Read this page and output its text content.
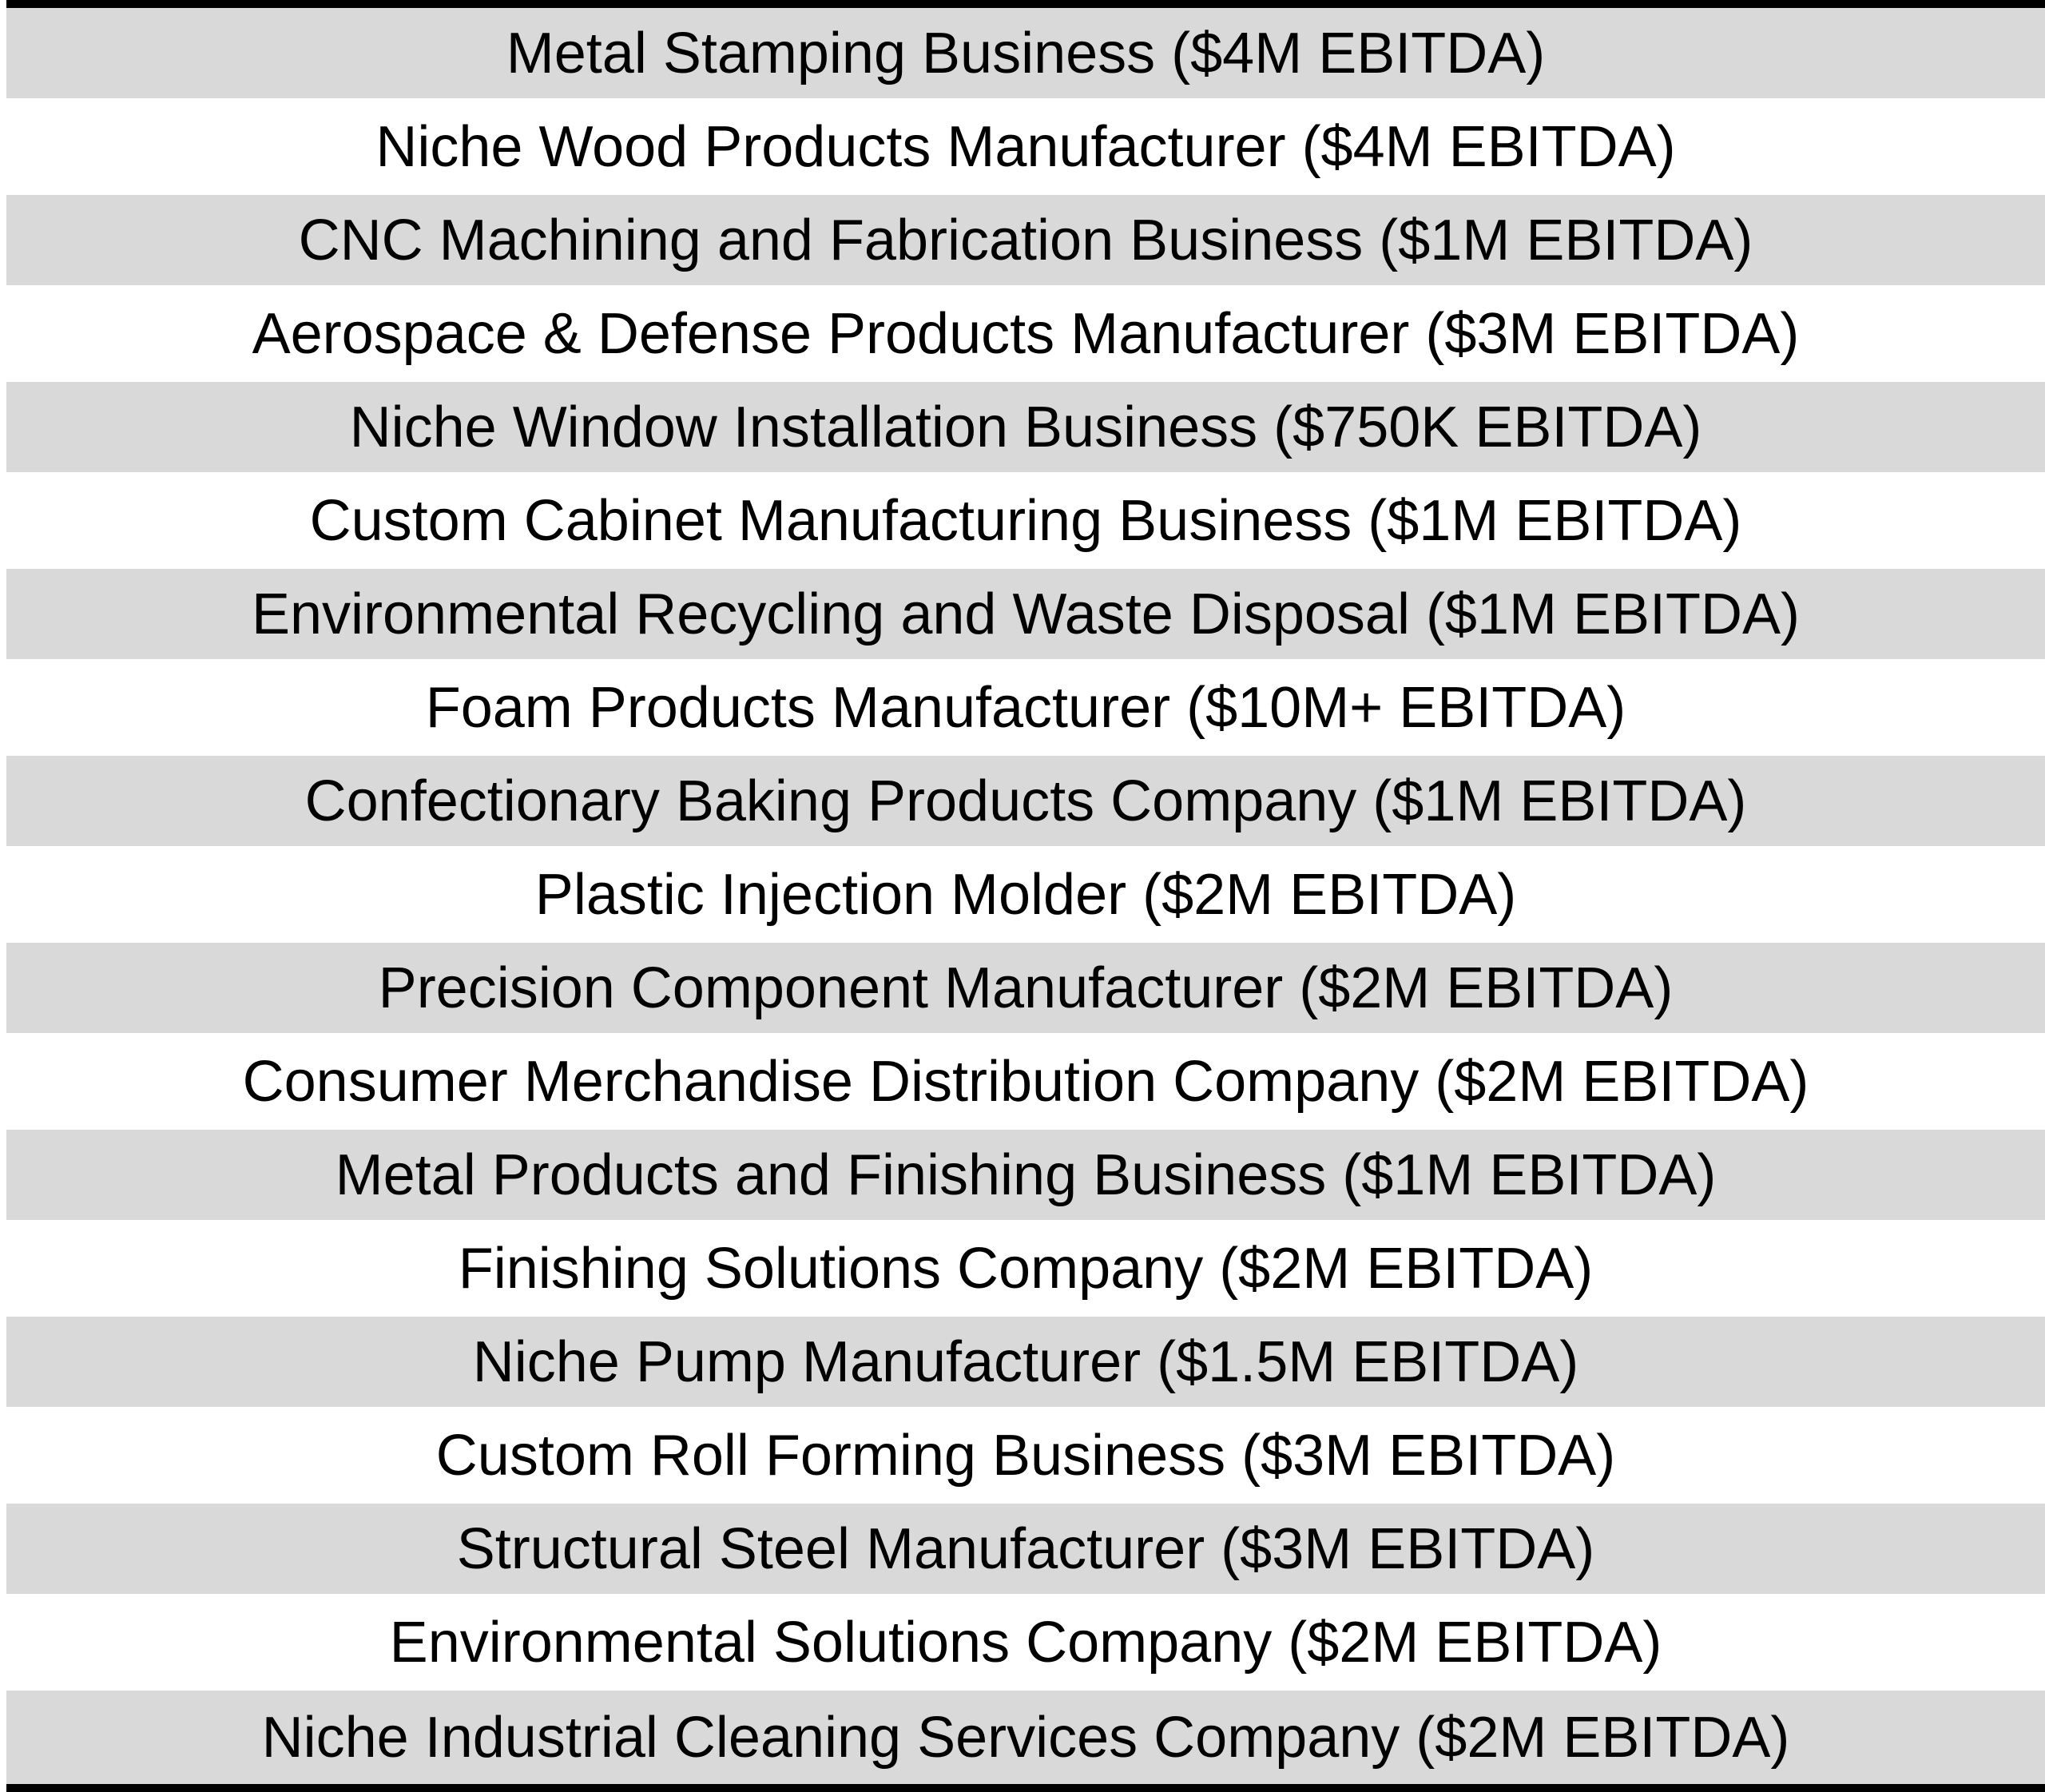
Metal Stamping Business ($4M EBITDA)
Niche Wood Products Manufacturer ($4M EBITDA)
CNC Machining and Fabrication Business ($1M EBITDA)
Aerospace & Defense Products Manufacturer ($3M EBITDA)
Niche Window Installation Business ($750K EBITDA)
Custom Cabinet Manufacturing Business ($1M EBITDA)
Environmental Recycling and Waste Disposal ($1M EBITDA)
Foam Products Manufacturer ($10M+ EBITDA)
Confectionary Baking Products Company ($1M EBITDA)
Plastic Injection Molder ($2M EBITDA)
Precision Component Manufacturer ($2M EBITDA)
Consumer Merchandise Distribution Company ($2M EBITDA)
Metal Products and Finishing Business ($1M EBITDA)
Finishing Solutions Company ($2M EBITDA)
Niche Pump Manufacturer ($1.5M EBITDA)
Custom Roll Forming Business ($3M EBITDA)
Structural Steel Manufacturer ($3M EBITDA)
Environmental Solutions Company ($2M EBITDA)
Niche Industrial Cleaning Services Company ($2M EBITDA)
